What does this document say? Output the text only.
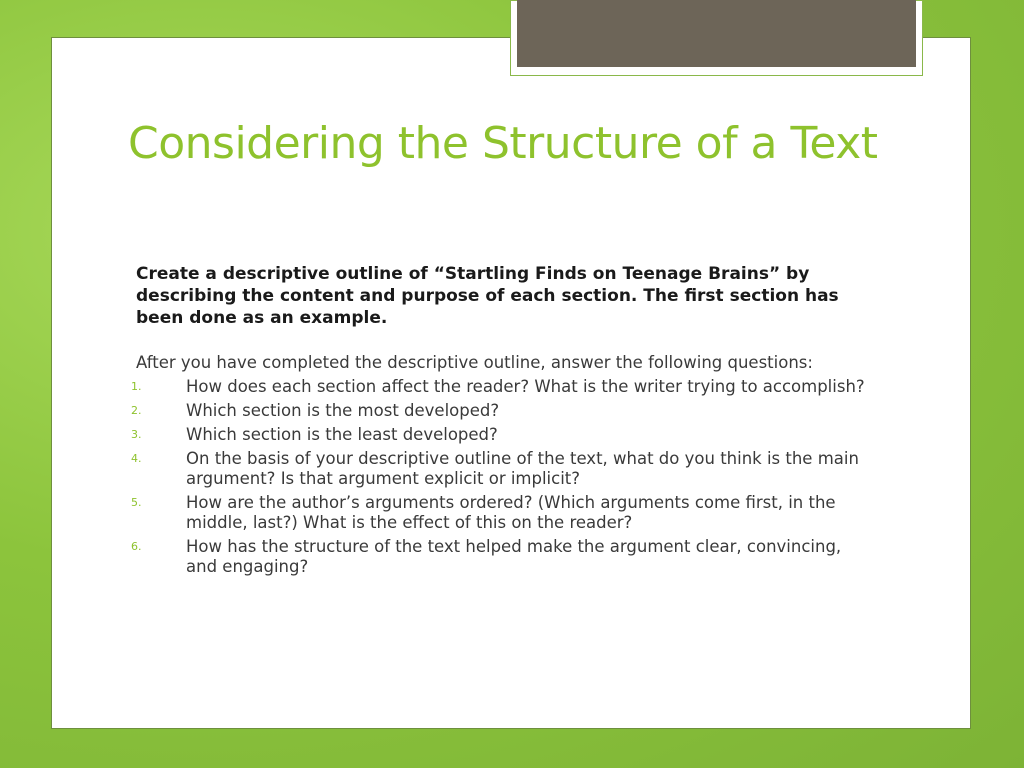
Considering the Structure of a Text

Create a descriptive outline of “Startling Finds on Teenage Brains” by describing the content and purpose of each section. The first section has been done as an example.

After you have completed the descriptive outline, answer the following questions:

1.	How does each section affect the reader? What is the writer trying to accomplish?
2.	Which section is the most developed?
3.	Which section is the least developed?
4.	On the basis of your descriptive outline of the text, what do you think is the main argument? Is that argument explicit or implicit?
5.	How are the author’s arguments ordered? (Which arguments come first, in the middle, last?) What is the effect of this on the reader?
6.	How has the structure of the text helped make the argument clear, convincing, and engaging?
